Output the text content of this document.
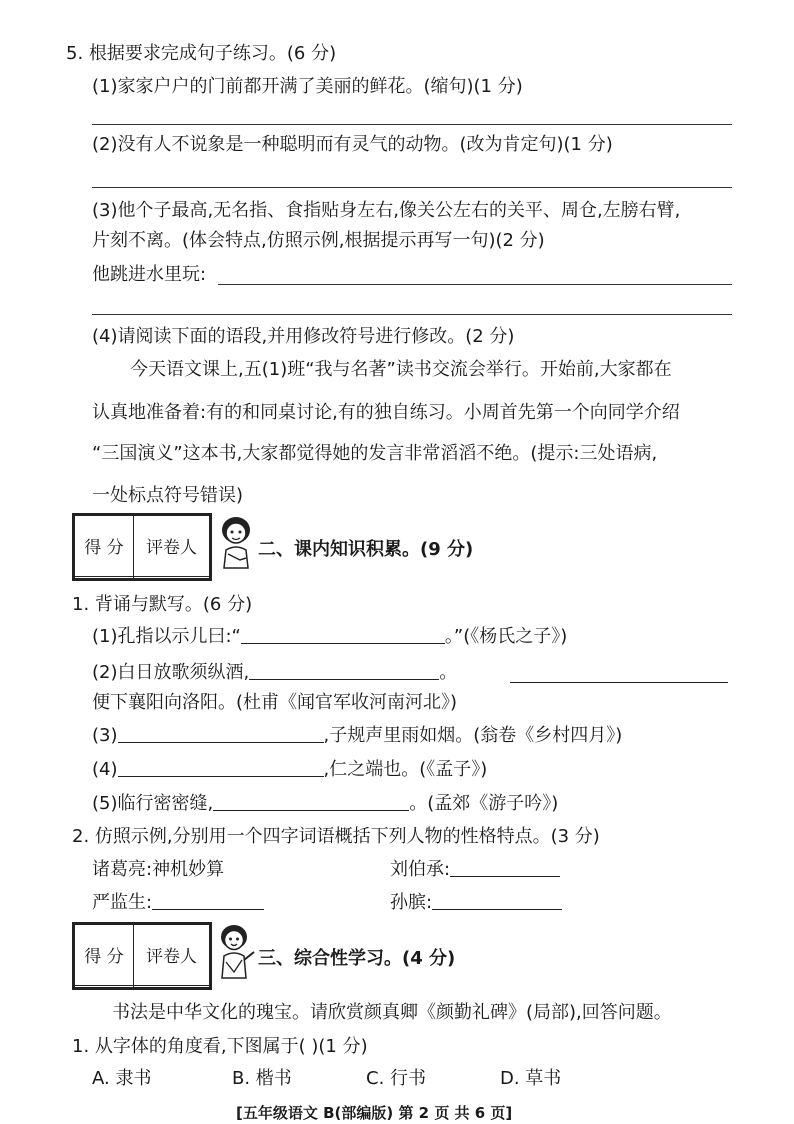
5. 根据要求完成句子练习。(6 分)
(1)家家户户的门前都开满了美丽的鲜花。(缩句)(1 分)
(2)没有人不说象是一种聪明而有灵气的动物。(改为肯定句)(1 分)
(3)他个子最高,无名指、食指贴身左右,像关公左右的关平、周仓,左膀右臂,
片刻不离。(体会特点,仿照示例,根据提示再写一句)(2 分)
他跳进水里玩:
(4)请阅读下面的语段,并用修改符号进行修改。(2 分)
今天语文课上,五(1)班“我与名著”读书交流会举行。开始前,大家都在
认真地准备着:有的和同桌讨论,有的独自练习。小周首先第一个向同学介绍
“三国演义”这本书,大家都觉得她的发言非常滔滔不绝。(提示:三处语病,
一处标点符号错误)
得 分	评卷人
		二、课内知识积累。(9 分)
1. 背诵与默写。(6 分)
(1)孔指以示儿曰:“	。”(《杨氏之子》)
(2)白日放歌须纵酒,	。
便下襄阳向洛阳。(杜甫《闻官军收河南河北》)
(3)	,子规声里雨如烟。(翁卷《乡村四月》)
(4)	,仁之端也。(《孟子》)
(5)临行密密缝,	。(孟郊《游子吟》)
2. 仿照示例,分别用一个四字词语概括下列人物的性格特点。(3 分)
诸葛亮:神机妙算	刘伯承:
严监生:	孙膑:
得 分	评卷人
		三、综合性学习。(4 分)
书法是中华文化的瑰宝。请欣赏颜真卿《颜勤礼碑》(局部),回答问题。
1. 从字体的角度看,下图属于( )(1 分)
A. 隶书	B. 楷书	C. 行书	D. 草书
[五年级语文 B(部编版) 第 2 页 共 6 页]
